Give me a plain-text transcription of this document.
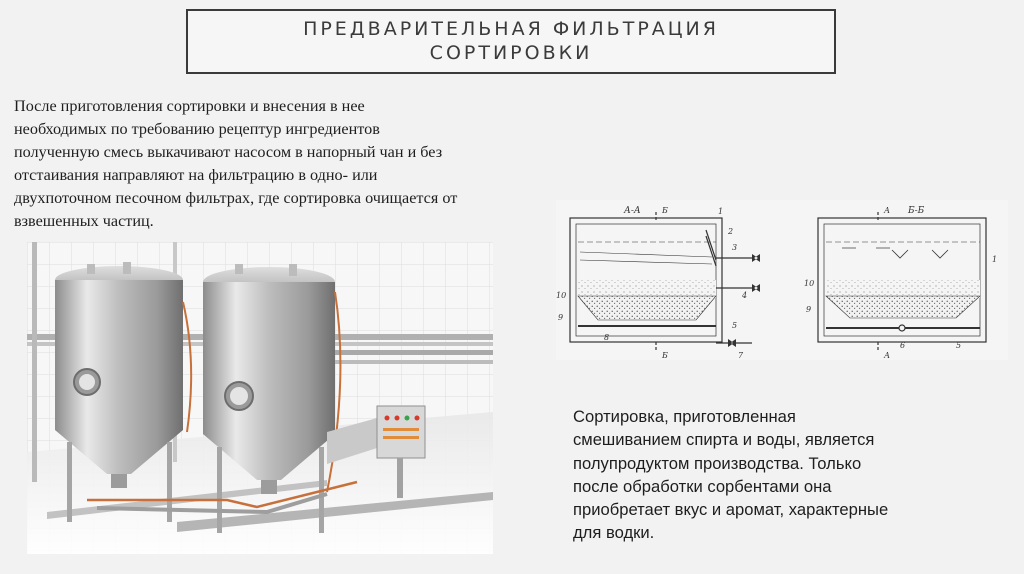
ПРЕДВАРИТЕЛЬНАЯ ФИЛЬТРАЦИЯ
СОРТИРОВКИ

После приготовления сортировки и внесения в нее
необходимых по требованию рецептур ингредиентов
полученную смесь выкачивают насосом в напорный чан и без
отстаивания направляют на фильтрацию в одно- или
двухпоточном песочном фильтрах, где сортировка очищается от
взвешенных частиц.

А-А	Б
Б
1
2
3
4
5
7
8
9
10
Б-Б
А
А
1
10
9
6	5

Сортировка, приготовленная
смешиванием спирта и воды, является
полупродуктом производства. Только
после обработки сорбентами она
приобретает вкус и аромат, характерные
для водки.
